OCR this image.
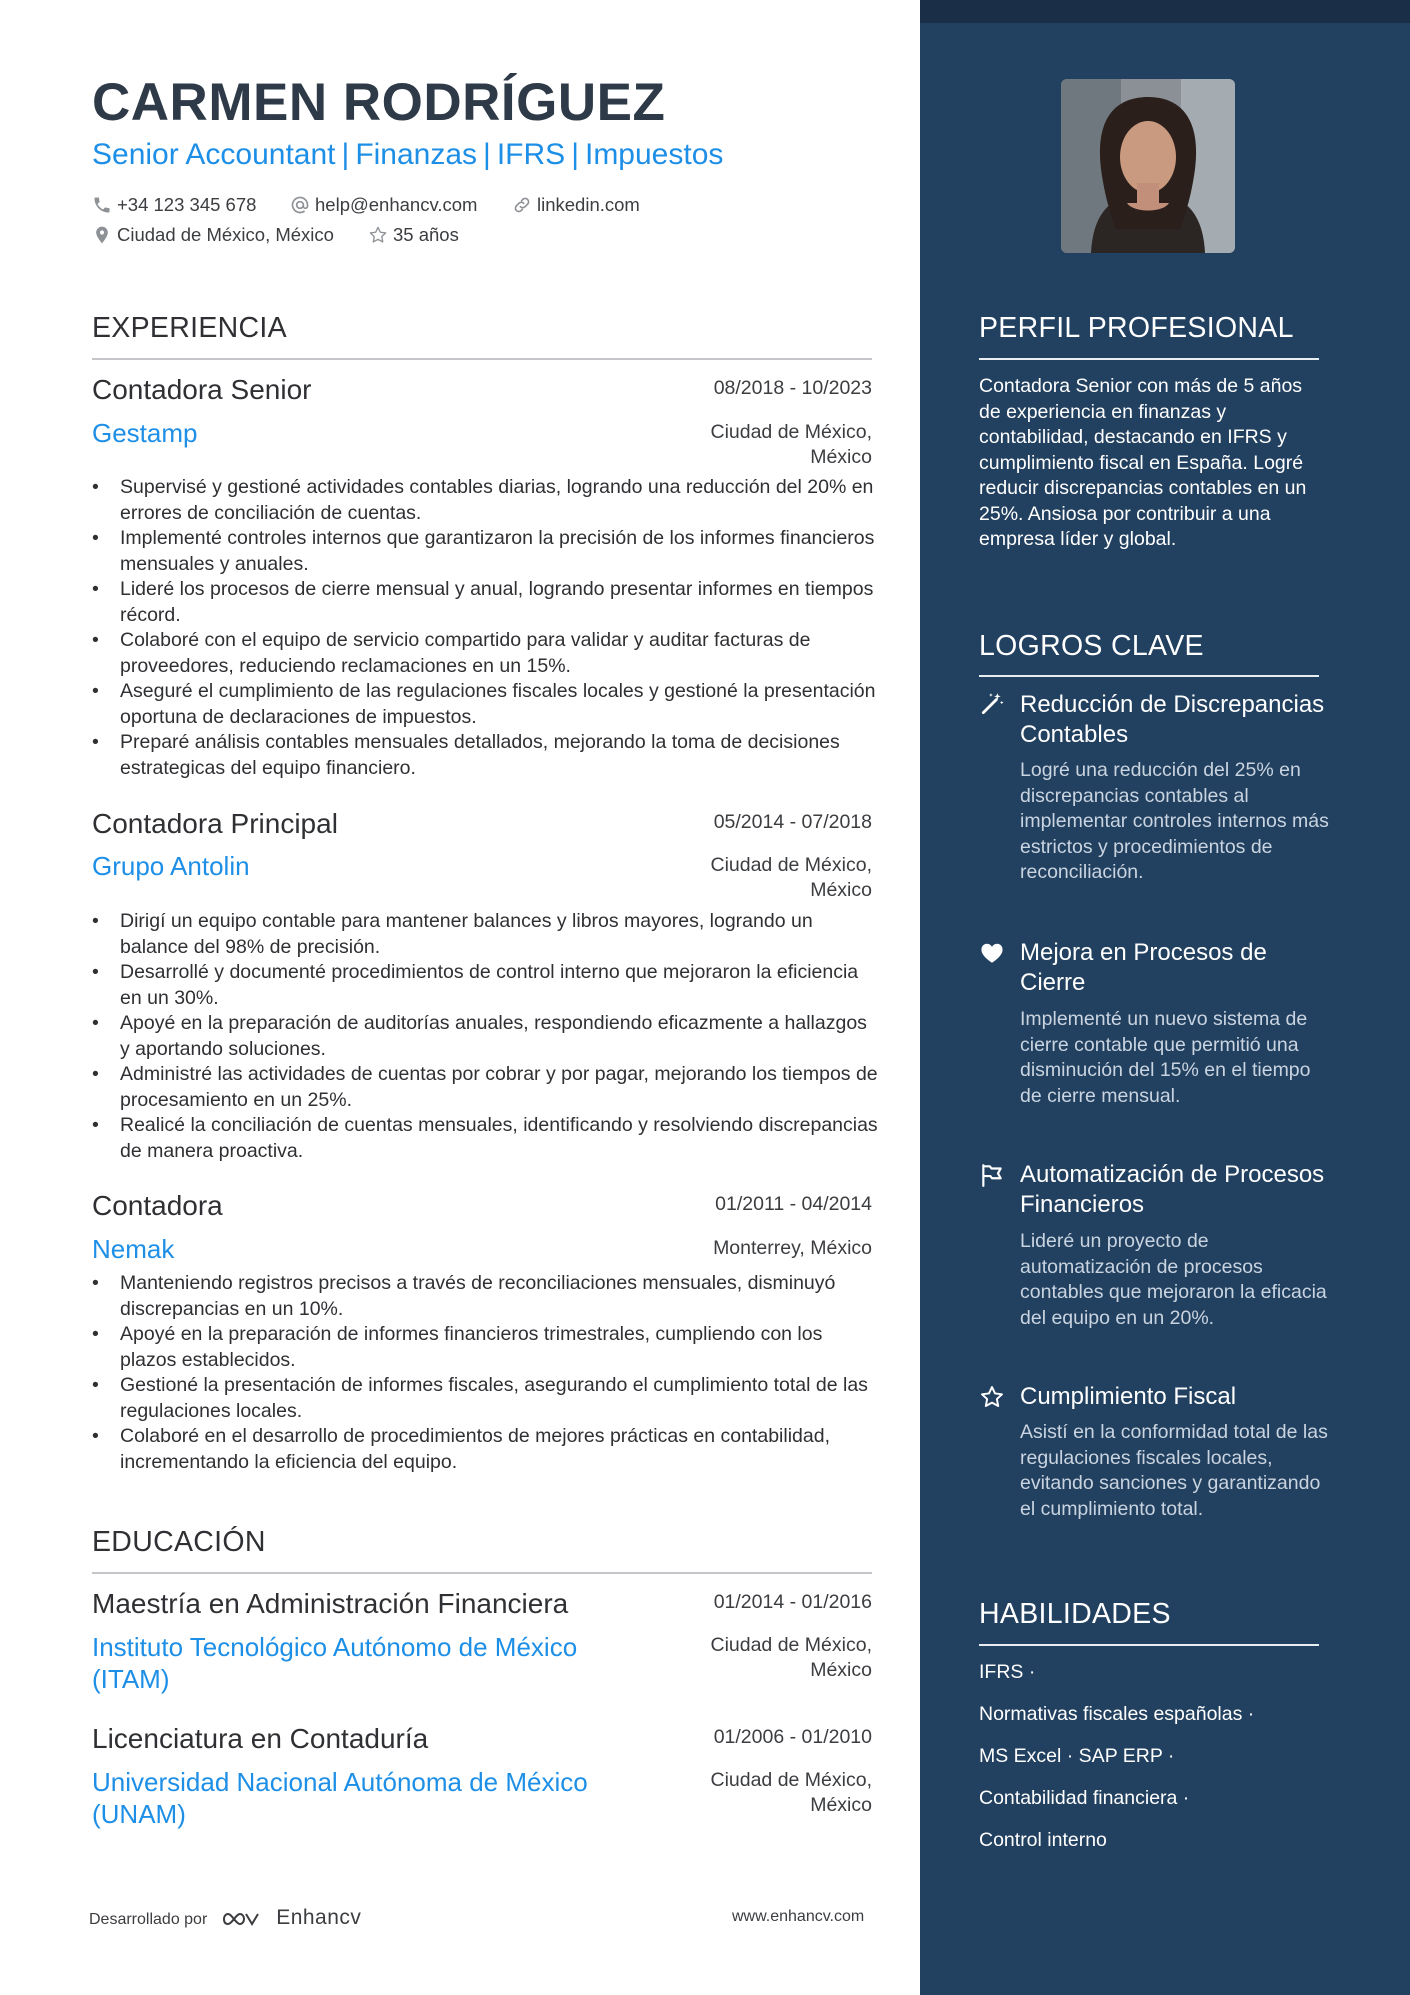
CARMEN RODRÍGUEZ
Senior Accountant | Finanzas | IFRS | Impuestos
+34 123 345 678	help@enhancv.com	linkedin.com
Ciudad de México, México	35 años
EXPERIENCIA
Contadora Senior	08/2018 - 10/2023
Gestamp	Ciudad de México,
México
• Supervisé y gestioné actividades contables diarias, logrando una reducción del 20% en errores de conciliación de cuentas.
• Implementé controles internos que garantizaron la precisión de los informes financieros mensuales y anuales.
• Lideré los procesos de cierre mensual y anual, logrando presentar informes en tiempos récord.
• Colaboré con el equipo de servicio compartido para validar y auditar facturas de proveedores, reduciendo reclamaciones en un 15%.
• Aseguré el cumplimiento de las regulaciones fiscales locales y gestioné la presentación oportuna de declaraciones de impuestos.
• Preparé análisis contables mensuales detallados, mejorando la toma de decisiones estrategicas del equipo financiero.
Contadora Principal	05/2014 - 07/2018
Grupo Antolin	Ciudad de México,
México
• Dirigí un equipo contable para mantener balances y libros mayores, logrando un balance del 98% de precisión.
• Desarrollé y documenté procedimientos de control interno que mejoraron la eficiencia en un 30%.
• Apoyé en la preparación de auditorías anuales, respondiendo eficazmente a hallazgos y aportando soluciones.
• Administré las actividades de cuentas por cobrar y por pagar, mejorando los tiempos de procesamiento en un 25%.
• Realicé la conciliación de cuentas mensuales, identificando y resolviendo discrepancias de manera proactiva.
Contadora	01/2011 - 04/2014
Nemak	Monterrey, México
• Manteniendo registros precisos a través de reconciliaciones mensuales, disminuyó discrepancias en un 10%.
• Apoyé en la preparación de informes financieros trimestrales, cumpliendo con los plazos establecidos.
• Gestioné la presentación de informes fiscales, asegurando el cumplimiento total de las regulaciones locales.
• Colaboré en el desarrollo de procedimientos de mejores prácticas en contabilidad, incrementando la eficiencia del equipo.
EDUCACIÓN
Maestría en Administración Financiera	01/2014 - 01/2016
Instituto Tecnológico Autónomo de México (ITAM)
Ciudad de México,
México
Licenciatura en Contaduría	01/2006 - 01/2010
Universidad Nacional Autónoma de México (UNAM)
Ciudad de México,
México
Desarrollado por	Enhancv	www.enhancv.com
PERFIL PROFESIONAL
Contadora Senior con más de 5 años de experiencia en finanzas y contabilidad, destacando en IFRS y cumplimiento fiscal en España. Logré reducir discrepancias contables en un 25%. Ansiosa por contribuir a una empresa líder y global.
LOGROS CLAVE
Reducción de Discrepancias Contables
Logré una reducción del 25% en discrepancias contables al implementar controles internos más estrictos y procedimientos de reconciliación.
Mejora en Procesos de Cierre
Implementé un nuevo sistema de cierre contable que permitió una disminución del 15% en el tiempo de cierre mensual.
Automatización de Procesos Financieros
Lideré un proyecto de automatización de procesos contables que mejoraron la eficacia del equipo en un 20%.
Cumplimiento Fiscal
Asistí en la conformidad total de las regulaciones fiscales locales, evitando sanciones y garantizando el cumplimiento total.
HABILIDADES
IFRS ·
Normativas fiscales españolas ·
MS Excel · SAP ERP ·
Contabilidad financiera ·
Control interno
